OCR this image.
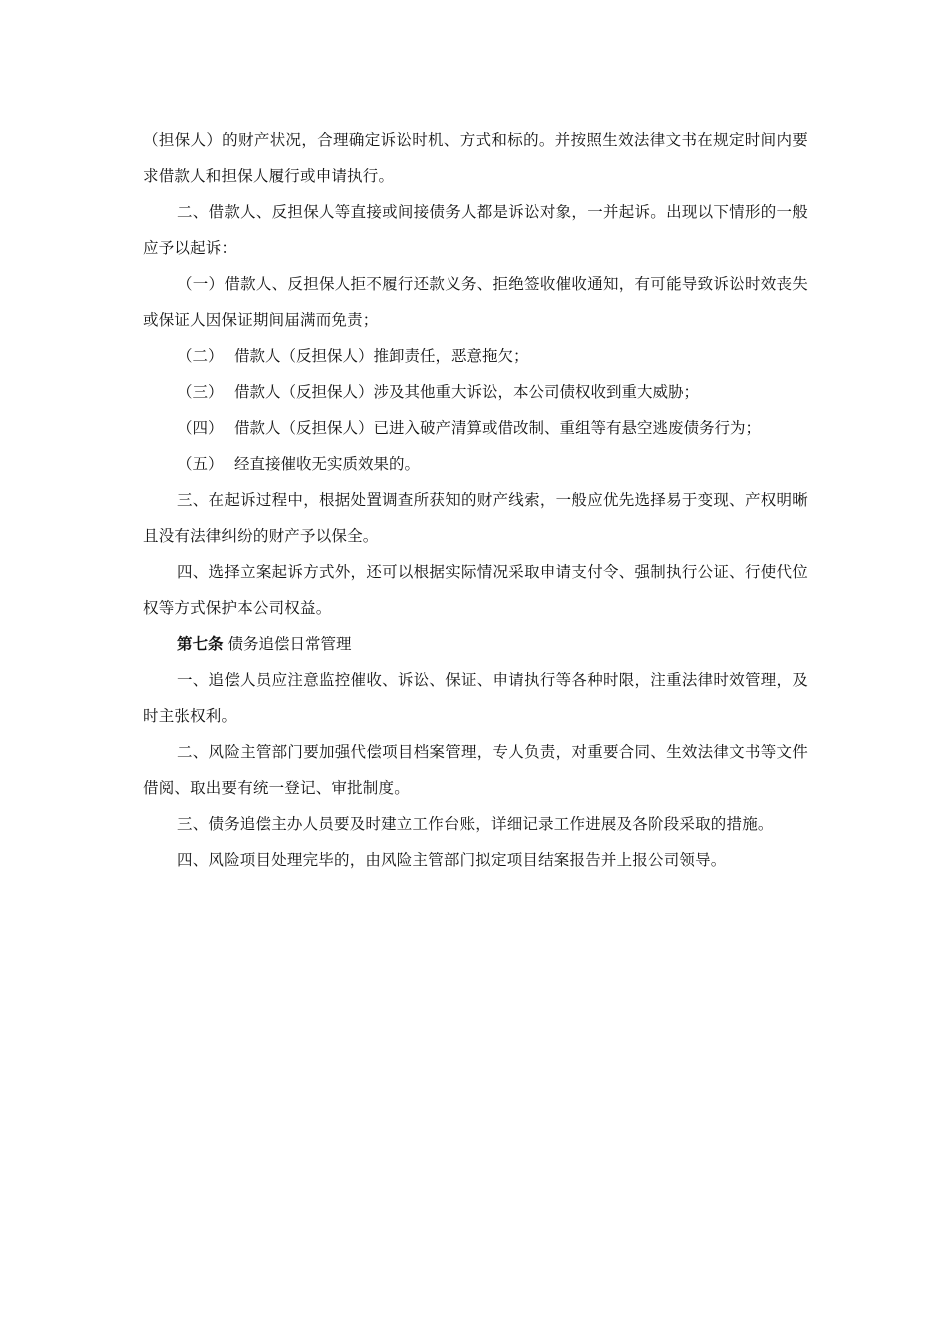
（担保人）的财产状况，合理确定诉讼时机、方式和标的。并按照生效法律文书在规定时间内要求借款人和担保人履行或申请执行。

二、借款人、反担保人等直接或间接债务人都是诉讼对象，一并起诉。出现以下情形的一般应予以起诉：

（一）借款人、反担保人拒不履行还款义务、拒绝签收催收通知，有可能导致诉讼时效丧失或保证人因保证期间届满而免责；

（二） 借款人（反担保人）推卸责任，恶意拖欠；

（三） 借款人（反担保人）涉及其他重大诉讼，本公司债权收到重大威胁；

（四） 借款人（反担保人）已进入破产清算或借改制、重组等有悬空逃废债务行为；

（五） 经直接催收无实质效果的。

三、在起诉过程中，根据处置调查所获知的财产线索，一般应优先选择易于变现、产权明晰且没有法律纠纷的财产予以保全。

四、选择立案起诉方式外，还可以根据实际情况采取申请支付令、强制执行公证、行使代位权等方式保护本公司权益。

第七条 债务追偿日常管理

一、追偿人员应注意监控催收、诉讼、保证、申请执行等各种时限，注重法律时效管理，及时主张权利。

二、风险主管部门要加强代偿项目档案管理，专人负责，对重要合同、生效法律文书等文件借阅、取出要有统一登记、审批制度。

三、债务追偿主办人员要及时建立工作台账，详细记录工作进展及各阶段采取的措施。

四、风险项目处理完毕的，由风险主管部门拟定项目结案报告并上报公司领导。
